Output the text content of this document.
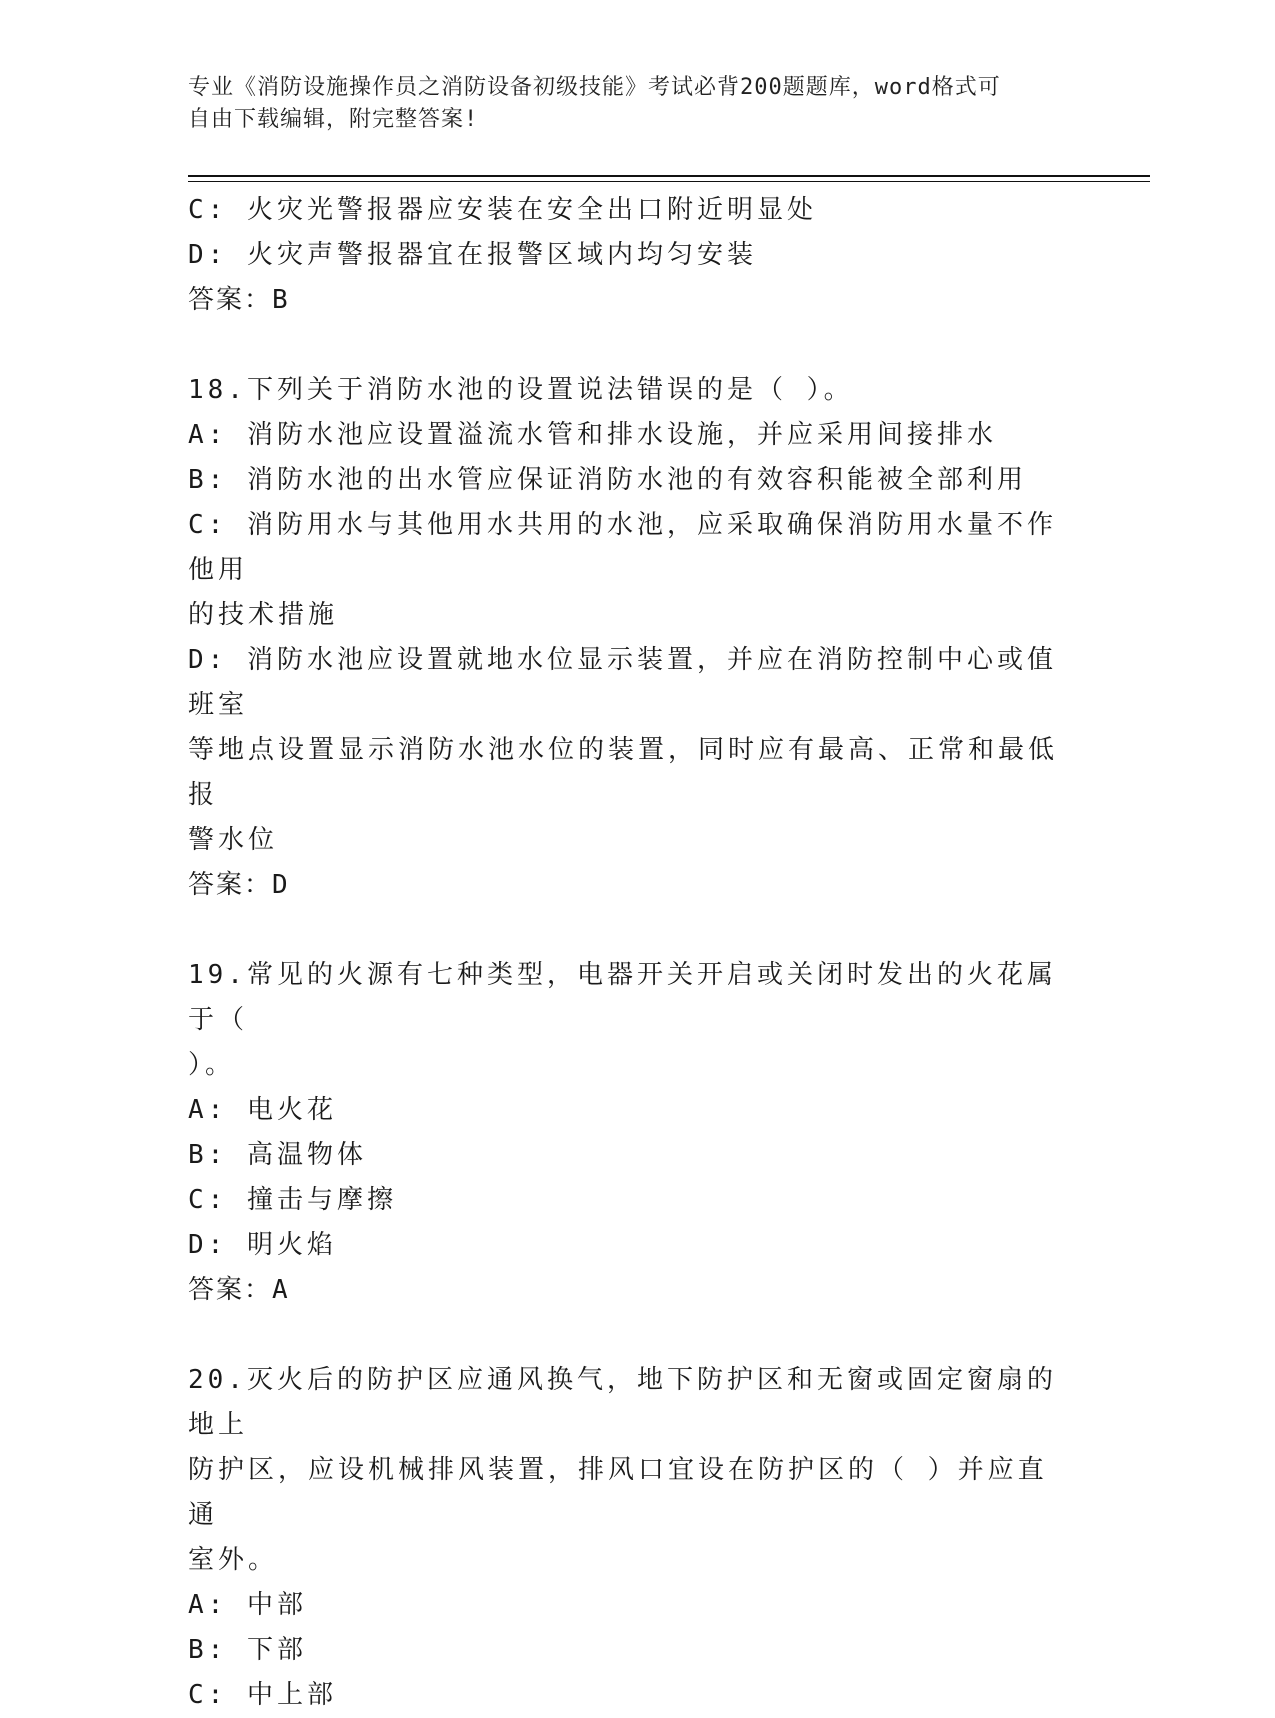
专业《消防设施操作员之消防设备初级技能》考试必背200题题库，word格式可
自由下载编辑，附完整答案!

C: 火灾光警报器应安装在安全出口附近明显处

D: 火灾声警报器宜在报警区域内均匀安装

答案：B

18.下列关于消防水池的设置说法错误的是（ ）。

A: 消防水池应设置溢流水管和排水设施，并应采用间接排水

B: 消防水池的出水管应保证消防水池的有效容积能被全部利用

C: 消防用水与其他用水共用的水池，应采取确保消防用水量不作他用

的技术措施

D: 消防水池应设置就地水位显示装置，并应在消防控制中心或值班室

等地点设置显示消防水池水位的装置，同时应有最高、正常和最低报

警水位

答案：D

19.常见的火源有七种类型，电器开关开启或关闭时发出的火花属于（

）。

A: 电火花

B: 高温物体

C: 撞击与摩擦

D: 明火焰

答案：A

20.灭火后的防护区应通风换气，地下防护区和无窗或固定窗扇的地上

防护区，应设机械排风装置，排风口宜设在防护区的（ ）并应直通

室外。

A: 中部

B: 下部

C: 中上部
